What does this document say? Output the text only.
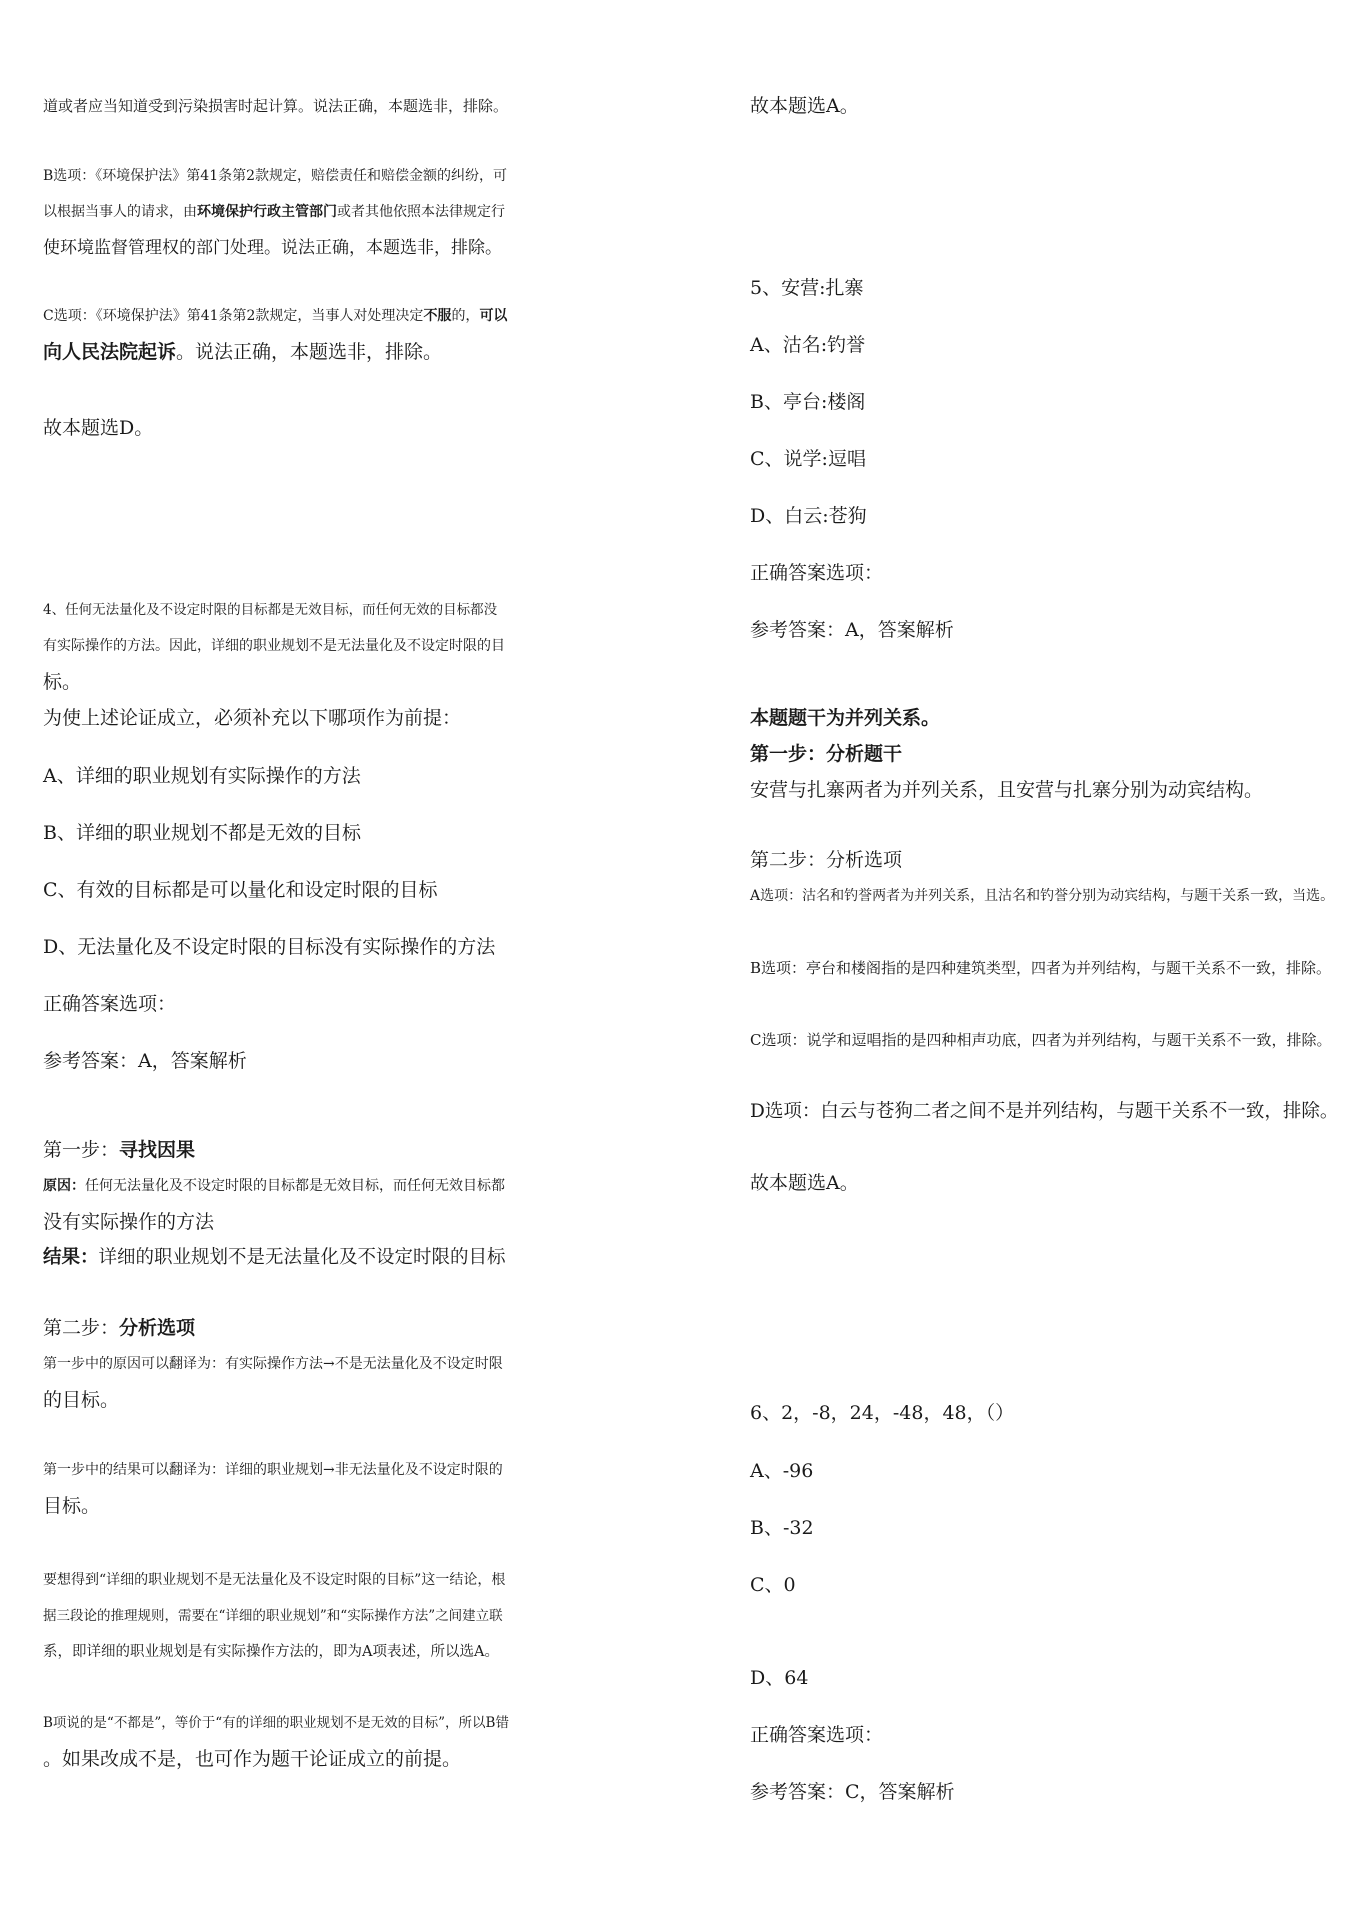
道或者应当知道受到污染损害时起计算。说法正确，本题选非，排除。

B选项：《环境保护法》第41条第2款规定，赔偿责任和赔偿金额的纠纷，可
以根据当事人的请求，由环境保护行政主管部门或者其他依照本法律规定行
使环境监督管理权的部门处理。说法正确，本题选非，排除。
C选项：《环境保护法》第41条第2款规定，当事人对处理决定不服的，可以
向人民法院起诉。说法正确，本题选非，排除。

故本题选D。

4、任何无法量化及不设定时限的目标都是无效目标，而任何无效的目标都没
有实际操作的方法。因此，详细的职业规划不是无法量化及不设定时限的目
标。
为使上述论证成立，必须补充以下哪项作为前提：

A、详细的职业规划有实际操作的方法

B、详细的职业规划不都是无效的目标

C、有效的目标都是可以量化和设定时限的目标

D、无法量化及不设定时限的目标没有实际操作的方法

正确答案选项：

参考答案：A，答案解析

第一步：寻找因果
原因：任何无法量化及不设定时限的目标都是无效目标，而任何无效目标都
没有实际操作的方法
结果：详细的职业规划不是无法量化及不设定时限的目标
第二步：分析选项
第一步中的原因可以翻译为：有实际操作方法→不是无法量化及不设定时限
的目标。
第一步中的结果可以翻译为：详细的职业规划→非无法量化及不设定时限的
目标。
要想得到“详细的职业规划不是无法量化及不设定时限的目标”这一结论，根
据三段论的推理规则，需要在“详细的职业规划”和“实际操作方法”之间建立联
系，即详细的职业规划是有实际操作方法的，即为A项表述，所以选A。
B项说的是“不都是”，等价于“有的详细的职业规划不是无效的目标”，所以B错
。如果改成不是，也可作为题干论证成立的前提。

故本题选A。

5、安营:扎寨

A、沽名:钓誉

B、亭台:楼阁

C、说学:逗唱

D、白云:苍狗

正确答案选项：

参考答案：A，答案解析

本题题干为并列关系。
第一步：分析题干
安营与扎寨两者为并列关系，且安营与扎寨分别为动宾结构。
第二步：分析选项
A选项：沽名和钓誉两者为并列关系，且沽名和钓誉分别为动宾结构，与题干关系一致，当选。

B选项：亭台和楼阁指的是四种建筑类型，四者为并列结构，与题干关系不一致，排除。

C选项：说学和逗唱指的是四种相声功底，四者为并列结构，与题干关系不一致，排除。

D选项：白云与苍狗二者之间不是并列结构，与题干关系不一致，排除。

故本题选A。

6、2，-8，24，-48，48，（）

A、-96

B、-32

C、0

D、64

正确答案选项：

参考答案：C，答案解析
